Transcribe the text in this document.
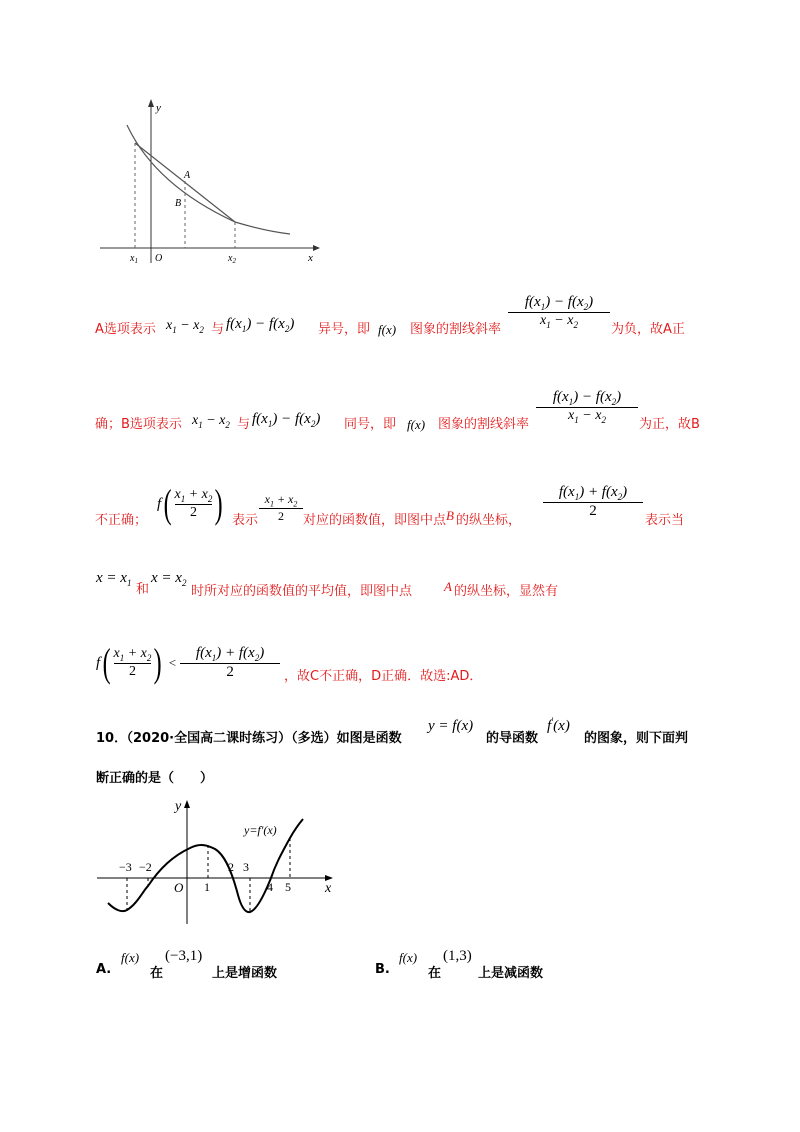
y
x
O
A
B
$x_1$	$x_2$
A选项表示 $x_1 - x_2$ 与 $f(x_1) - f(x_2)$ 异号，即 f(x) 图象的割线斜率
$f(x_1) - f(x_2)$
$x_1 - x_2$	为负，故A正
确；B选项表示 $x_1 - x_2$ 与 $f(x_1) - f(x_2)$ 同号，即 f(x) 图象的割线斜率
$f(x_1) - f(x_2)$
$x_1 - x_2$	为正，故B
不正确；
f ( $x_1 + x_2$
2 ) 表示
$x_1 + x_2$
2	对应的函数值，即图中点 B 的纵坐标，
$f(x_1) + f(x_2)$
2
表示当
$x = x_1$ 和
$x = x_2$
时所对应的函数值的平均值，即图中点 A 的纵坐标，显然有
f ( $x_1 + x_2$
2 ) <
$f(x_1) + f(x_2)$
2	，故C不正确，D正确．故选:AD．
10．
（2020·全国高二课时练习）（多选）如图是函数
y = f(x)
的导函数
f′(x)
的图象，则下面判
断正确的是（　　）
y
x
O
y=f'(x)
−3 −2
1
2 3
4 5
A.
f(x)
在
(−3,1)
上是增函数	B.
f(x)
在
(1,3)
上是减函数
